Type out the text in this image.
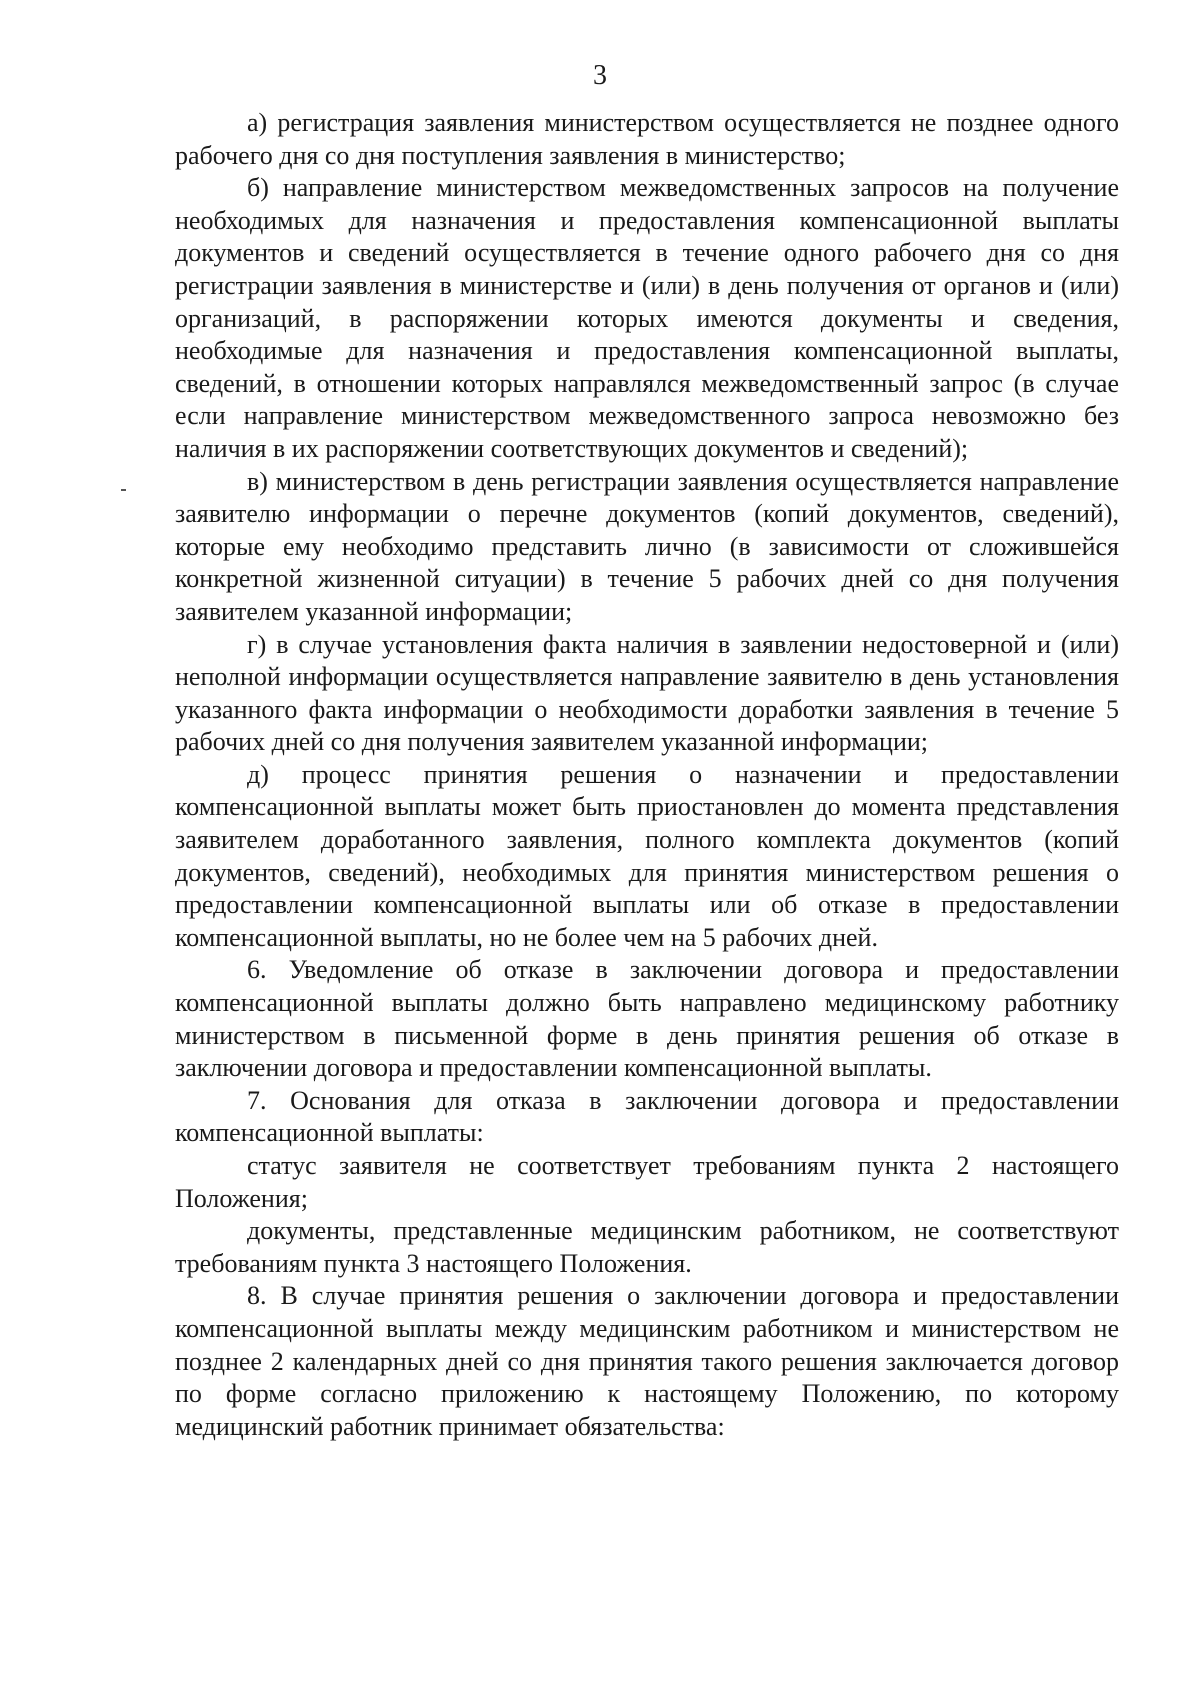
3

а) регистрация заявления министерством осуществляется не позднее одного рабочего дня со дня поступления заявления в министерство;

б) направление министерством межведомственных запросов на получение необходимых для назначения и предоставления компенсационной выплаты документов и сведений осуществляется в течение одного рабочего дня со дня регистрации заявления в министерстве и (или) в день получения от органов и (или) организаций, в распоряжении которых имеются документы и сведения, необходимые для назначения и предоставления компенсационной выплаты, сведений, в отношении которых направлялся межведомственный запрос (в случае если направление министерством межведомственного запроса невозможно без наличия в их распоряжении соответствующих документов и сведений);

в) министерством в день регистрации заявления осуществляется направление заявителю информации о перечне документов (копий документов, сведений), которые ему необходимо представить лично (в зависимости от сложившейся конкретной жизненной ситуации) в течение 5 рабочих дней со дня получения заявителем указанной информации;

г) в случае установления факта наличия в заявлении недостоверной и (или) неполной информации осуществляется направление заявителю в день установления указанного факта информации о необходимости доработки заявления в течение 5 рабочих дней со дня получения заявителем указанной информации;

д) процесс принятия решения о назначении и предоставлении компенсационной выплаты может быть приостановлен до момента представления заявителем доработанного заявления, полного комплекта документов (копий документов, сведений), необходимых для принятия министерством решения о предоставлении компенсационной выплаты или об отказе в предоставлении компенсационной выплаты, но не более чем на 5 рабочих дней.

6. Уведомление об отказе в заключении договора и предоставлении компенсационной выплаты должно быть направлено медицинскому работнику министерством в письменной форме в день принятия решения об отказе в заключении договора и предоставлении компенсационной выплаты.

7. Основания для отказа в заключении договора и предоставлении компенсационной выплаты:

статус заявителя не соответствует требованиям пункта 2 настоящего Положения;

документы, представленные медицинским работником, не соответствуют требованиям пункта 3 настоящего Положения.

8. В случае принятия решения о заключении договора и предоставлении компенсационной выплаты между медицинским работником и министерством не позднее 2 календарных дней со дня принятия такого решения заключается договор по форме согласно приложению к настоящему Положению, по которому медицинский работник принимает обязательства:
